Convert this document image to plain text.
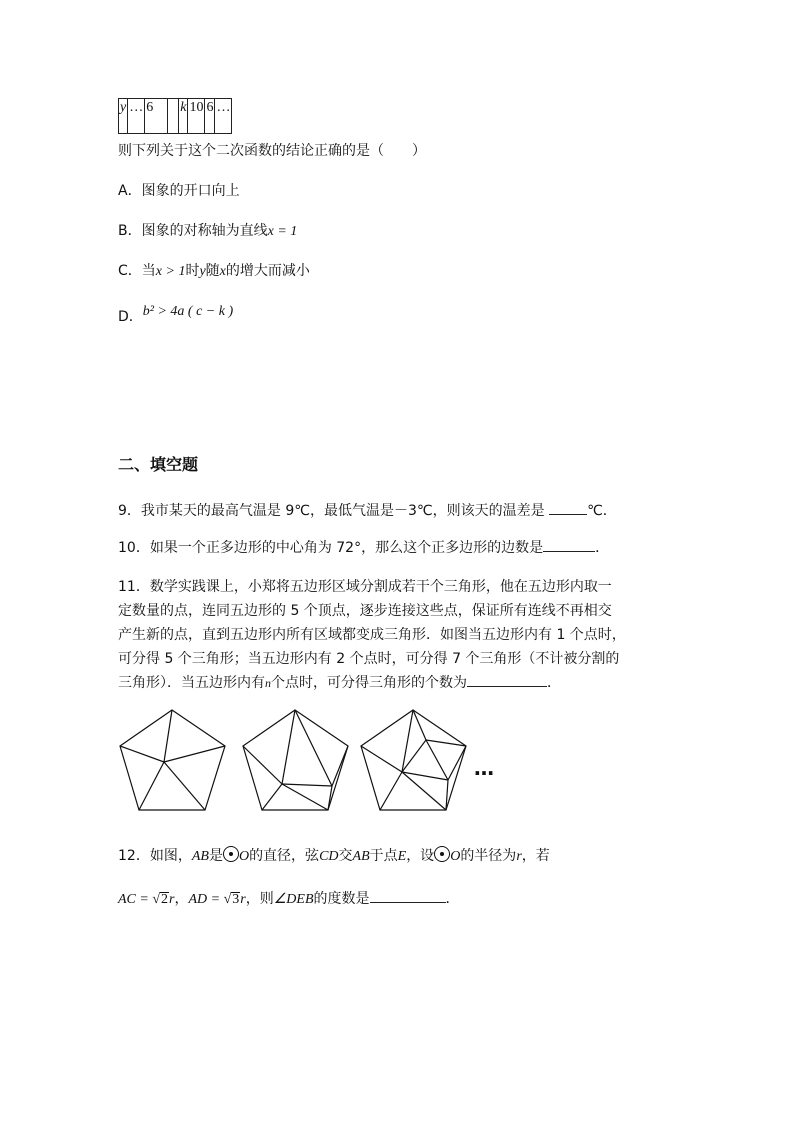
y	…	6		k	10	6	…
则下列关于这个二次函数的结论正确的是（　　）
A．图象的开口向上
B．图象的对称轴为直线x = 1
C．当x > 1时y随x的增大而减小
D．b² > 4a ( c − k )
二、填空题
9．我市某天的最高气温是 9℃，最低气温是－3℃，则该天的温差是	℃．
10．如果一个正多边形的中心角为 72°，那么这个正多边形的边数是	．
11．数学实践课上，小郑将五边形区域分割成若干个三角形，他在五边形内取一
定数量的点，连同五边形的 5 个顶点，逐步连接这些点，保证所有连线不再相交
产生新的点，直到五边形内所有区域都变成三角形．如图当五边形内有 1 个点时，
可分得 5 个三角形；当五边形内有 2 个点时，可分得 7 个三角形（不计被分割的
三角形）．当五边形内有n个点时，可分得三角形的个数为	．
…
12．如图，AB是 O的直径，弦CD交AB于点E，设 O的半径为r，若
AC = √2r，AD = √3r，则∠DEB的度数是	．
